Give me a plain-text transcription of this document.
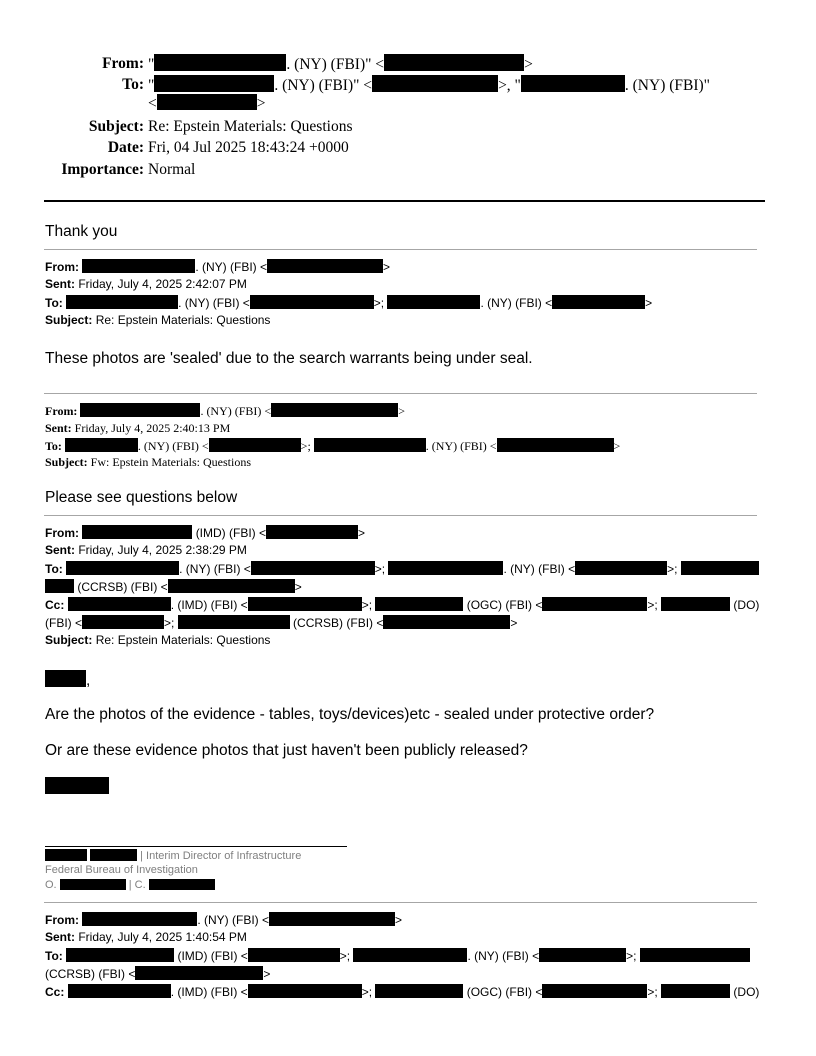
From: "	. (NY) (FBI)" <	>
To: "	. (NY) (FBI)" <	>, "	. (NY) (FBI)"
<	>
Subject: Re: Epstein Materials: Questions
Date: Fri, 04 Jul 2025 18:43:24 +0000
Importance: Normal
Thank you
From:	. (NY) (FBI) <	>
Sent: Friday, July 4, 2025 2:42:07 PM
To:	. (NY) (FBI) <	>;	. (NY) (FBI) <	>
Subject: Re: Epstein Materials: Questions
These photos are 'sealed' due to the search warrants being under seal.
From:	. (NY) (FBI) <	>
Sent: Friday, July 4, 2025 2:40:13 PM
To:	. (NY) (FBI) <	>;	. (NY) (FBI) <	>
Subject: Fw: Epstein Materials: Questions
Please see questions below
From:	(IMD) (FBI) <	>
Sent: Friday, July 4, 2025 2:38:29 PM
To:	. (NY) (FBI) <	>;	. (NY) (FBI) <	>;
(CCRSB) (FBI) <	>
Cc:	. (IMD) (FBI) <	>;	(OGC) (FBI) <	>;	(DO)
(FBI) <	>;	(CCRSB) (FBI) <	>
Subject: Re: Epstein Materials: Questions
,
Are the photos of the evidence - tables, toys/devices)etc - sealed under protective order?
Or are these evidence photos that just haven't been publicly released?
| Interim Director of Infrastructure
Federal Bureau of Investigation
O.	| C.
From:	. (NY) (FBI) <	>
Sent: Friday, July 4, 2025 1:40:54 PM
To:	(IMD) (FBI) <	>;	. (NY) (FBI) <	>;
(CCRSB) (FBI) <	>
Cc:	. (IMD) (FBI) <	>;	(OGC) (FBI) <	>;	(DO)
